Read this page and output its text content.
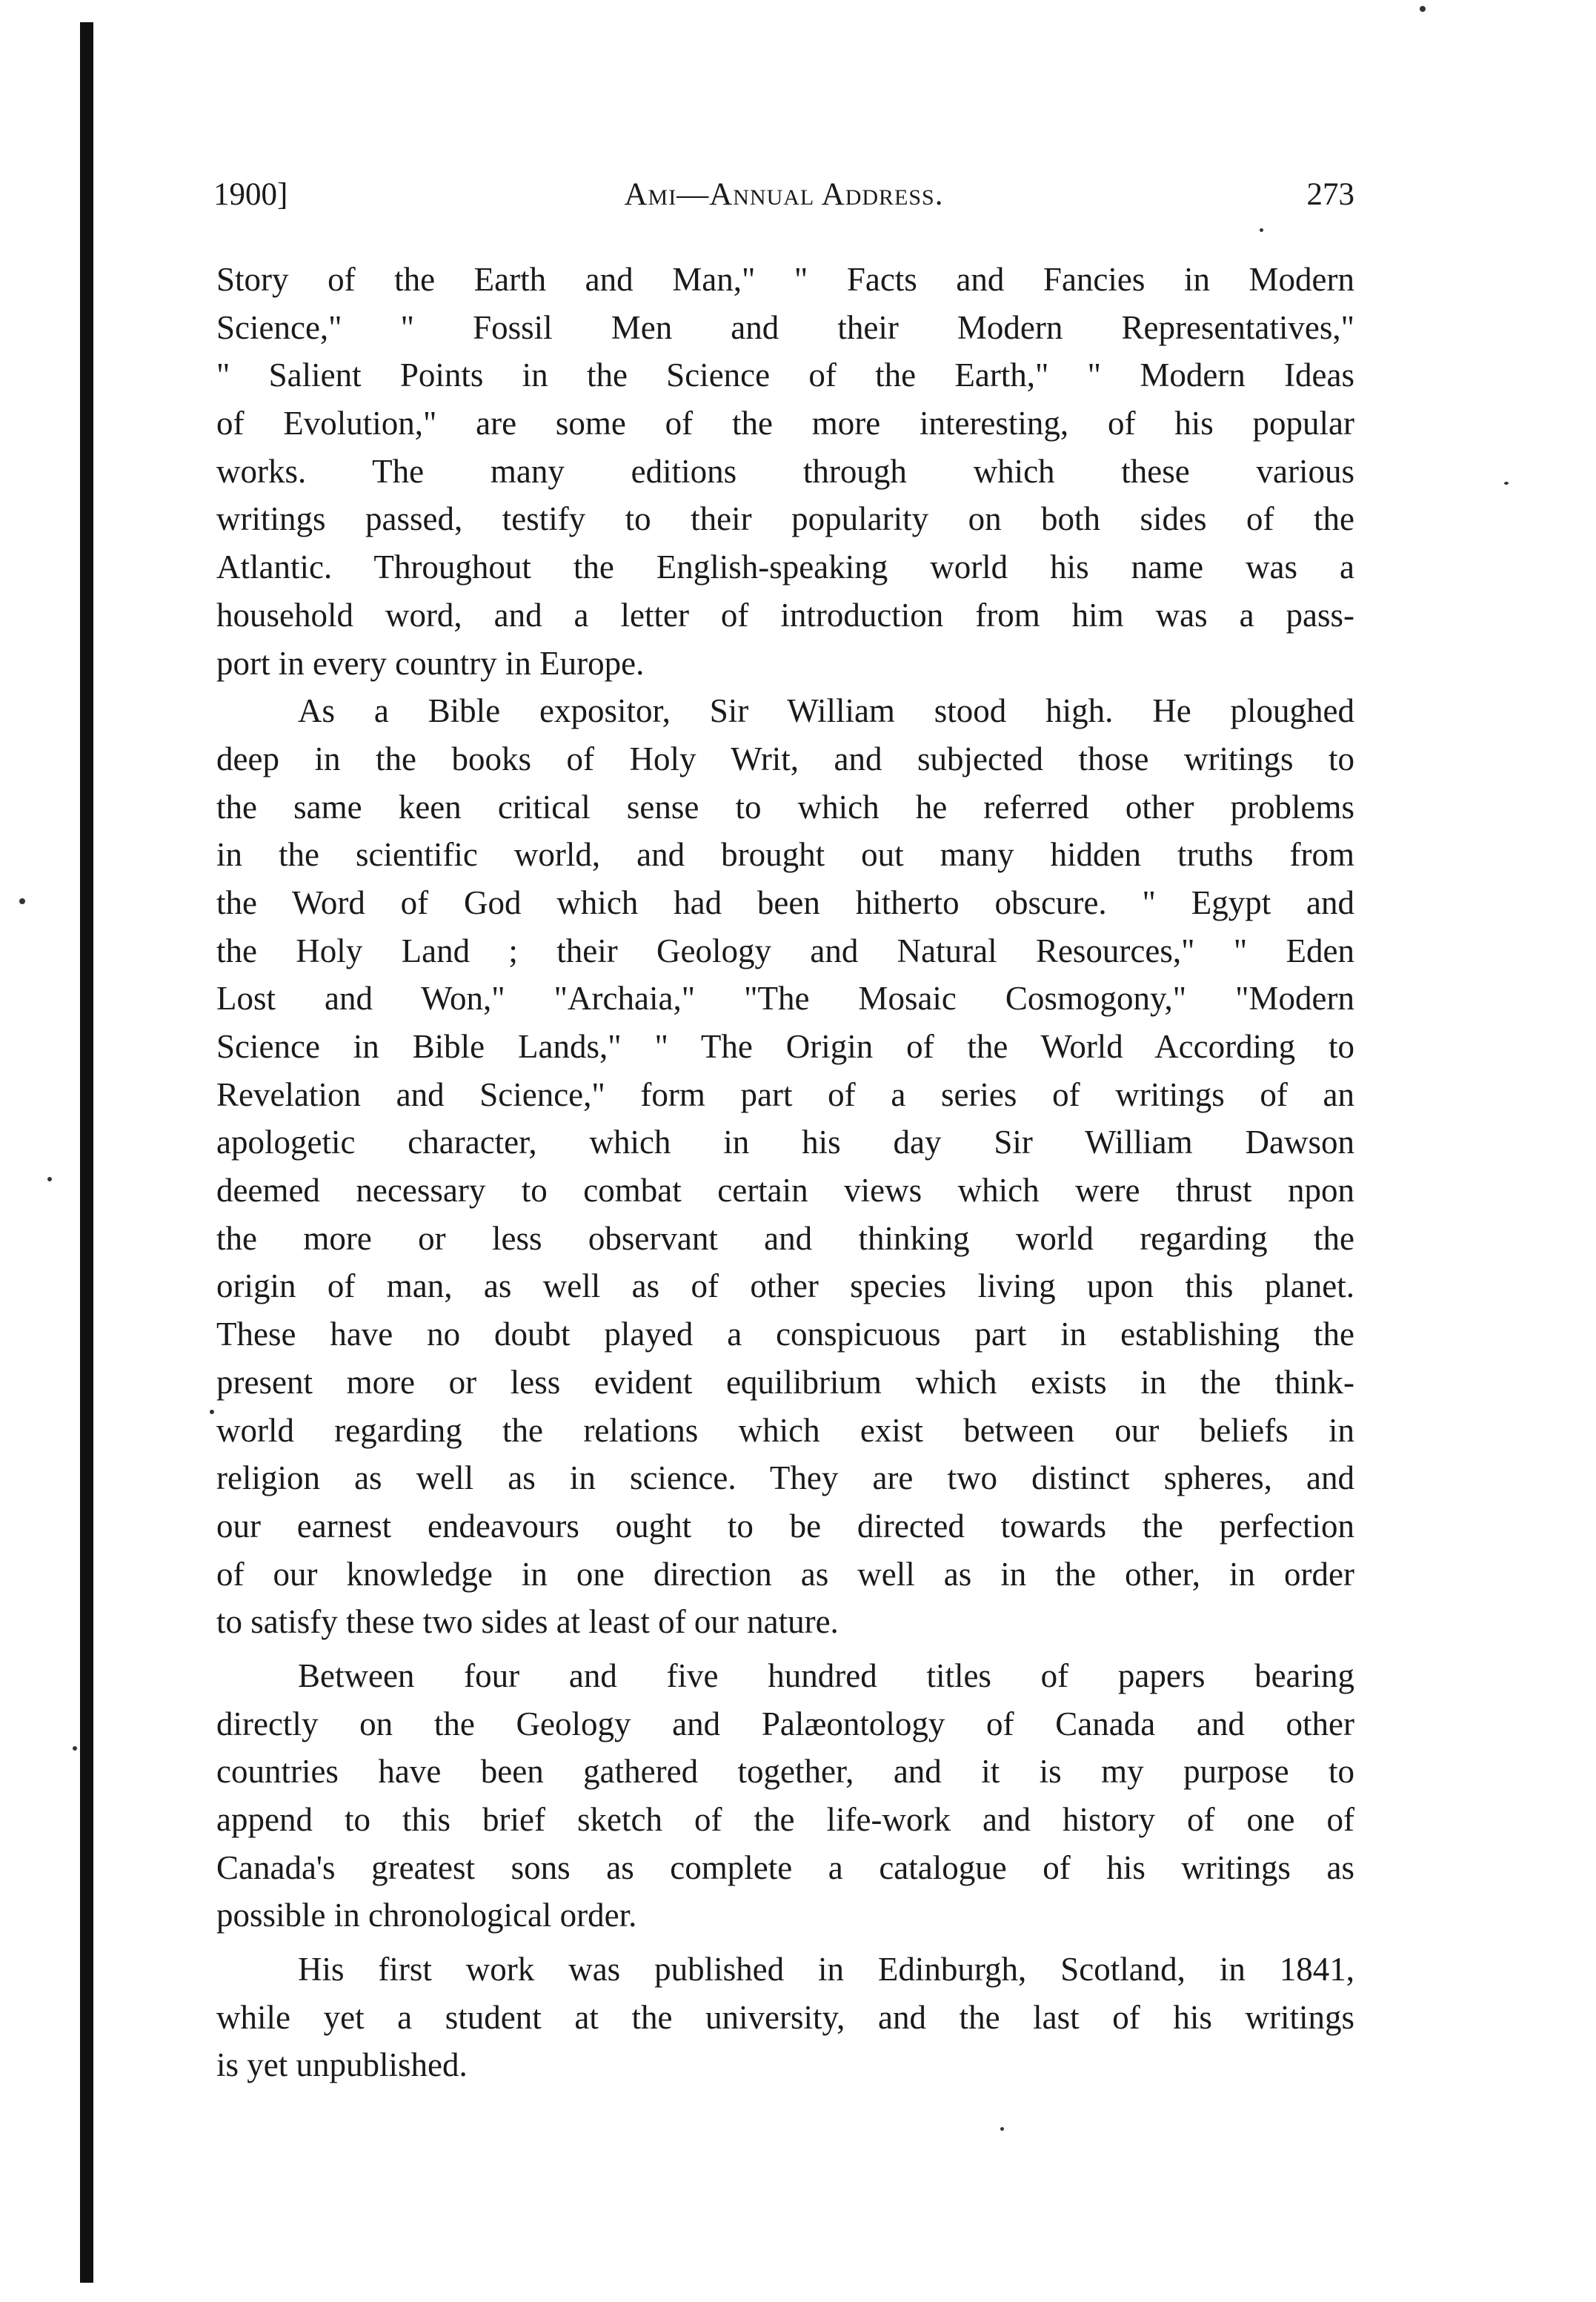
1900]	Ami—Annual Address.	273
Story of the Earth and Man," " Facts and Fancies in Modern
Science," " Fossil Men and their Modern Representatives,"
" Salient Points in the Science of the Earth," " Modern Ideas
of Evolution," are some of the more interesting, of his popular
works. The many editions through which these various
writings passed, testify to their popularity on both sides of the
Atlantic. Throughout the English-speaking world his name was a
household word, and a letter of introduction from him was a pass-
port in every country in Europe.
As a Bible expositor, Sir William stood high. He ploughed
deep in the books of Holy Writ, and subjected those writings to
the same keen critical sense to which he referred other problems
in the scientific world, and brought out many hidden truths from
the Word of God which had been hitherto obscure. " Egypt and
the Holy Land ; their Geology and Natural Resources," " Eden
Lost and Won," "Archaia," "The Mosaic Cosmogony," "Modern
Science in Bible Lands," " The Origin of the World According to
Revelation and Science," form part of a series of writings of an
apologetic character, which in his day Sir William Dawson
deemed necessary to combat certain views which were thrust npon
the more or less observant and thinking world regarding the
origin of man, as well as of other species living upon this planet.
These have no doubt played a conspicuous part in establishing the
present more or less evident equilibrium which exists in the think-
world regarding the relations which exist between our beliefs in
religion as well as in science. They are two distinct spheres, and
our earnest endeavours ought to be directed towards the perfection
of our knowledge in one direction as well as in the other, in order
to satisfy these two sides at least of our nature.
Between four and five hundred titles of papers bearing
directly on the Geology and Palæontology of Canada and other
countries have been gathered together, and it is my purpose to
append to this brief sketch of the life-work and history of one of
Canada's greatest sons as complete a catalogue of his writings as
possible in chronological order.
His first work was published in Edinburgh, Scotland, in 1841,
while yet a student at the university, and the last of his writings
is yet unpublished.
